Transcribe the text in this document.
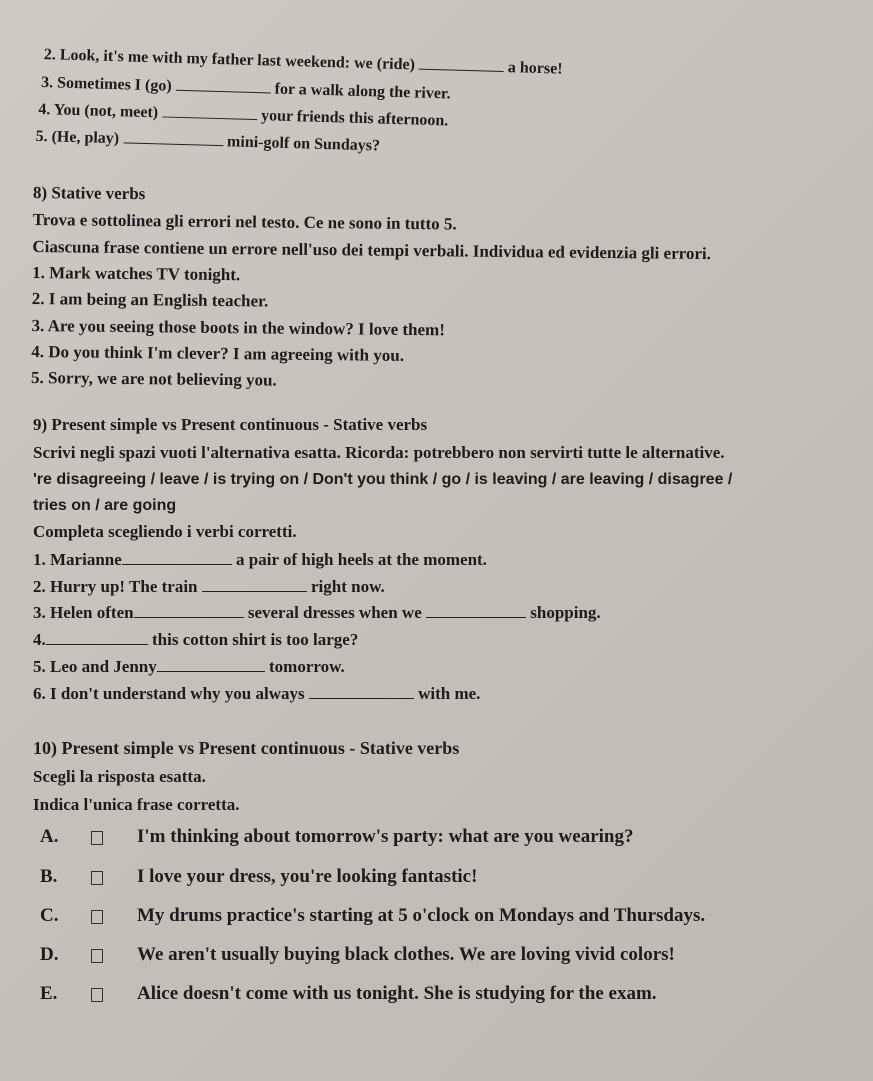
2. Look, it's me with my father last weekend: we (ride)	a horse!
3. Sometimes I (go)	for a walk along the river.
4. You (not, meet)	your friends this afternoon.
5. (He, play)	mini-golf on Sundays?
8) Stative verbs
Trova e sottolinea gli errori nel testo. Ce ne sono in tutto 5.
Ciascuna frase contiene un errore nell'uso dei tempi verbali. Individua ed evidenzia gli errori.
1. Mark watches TV tonight.
2. I am being an English teacher.
3. Are you seeing those boots in the window? I love them!
4. Do you think I'm clever? I am agreeing with you.
5. Sorry, we are not believing you.
9) Present simple vs Present continuous - Stative verbs
Scrivi negli spazi vuoti l'alternativa esatta. Ricorda: potrebbero non servirti tutte le alternative.
're disagreeing / leave / is trying on / Don't you think / go / is leaving / are leaving / disagree /
tries on / are going
Completa scegliendo i verbi corretti.
1. Marianne	a pair of high heels at the moment.
2. Hurry up! The train	right now.
3. Helen often	several dresses when we	shopping.
4.	this cotton shirt is too large?
5. Leo and Jenny	tomorrow.
6. I don't understand why you always	with me.
10) Present simple vs Present continuous - Stative verbs
Scegli la risposta esatta.
Indica l'unica frase corretta.
A.	I'm thinking about tomorrow's party: what are you wearing?
B.	I love your dress, you're looking fantastic!
C.	My drums practice's starting at 5 o'clock on Mondays and Thursdays.
D.	We aren't usually buying black clothes. We are loving vivid colors!
E.	Alice doesn't come with us tonight. She is studying for the exam.
